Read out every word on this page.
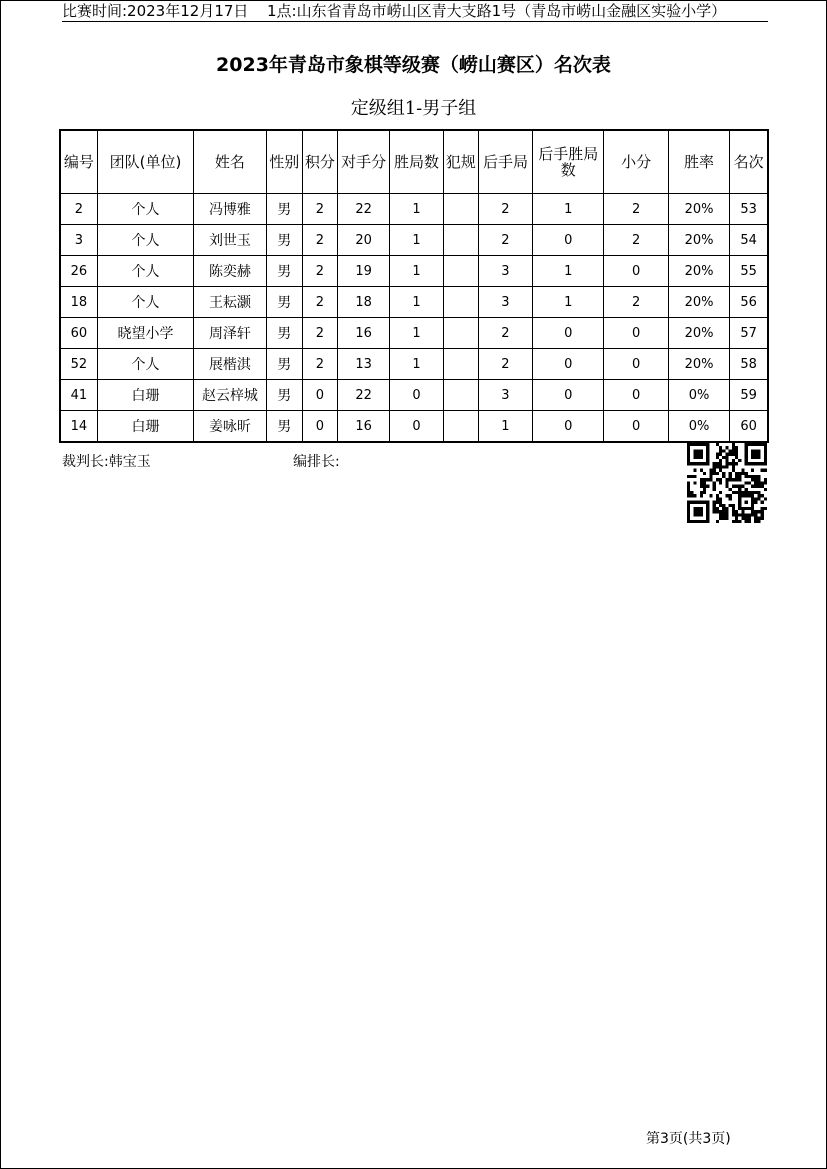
比赛时间:2023年12月17日 1点:山东省青岛市崂山区青大支路1号（青岛市崂山金融区实验小学）
2023年青岛市象棋等级赛（崂山赛区）名次表
定级组1-男子组
编号	团队(单位)	姓名	性别	积分	对手分	胜局数	犯规	后手局	后手胜局数	小分	胜率	名次
2	个人	冯博雅	男	2	22	1		2	1	2	20%	53
3	个人	刘世玉	男	2	20	1		2	0	2	20%	54
26	个人	陈奕赫	男	2	19	1		3	1	0	20%	55
18	个人	王耘灏	男	2	18	1		3	1	2	20%	56
60	晓望小学	周泽轩	男	2	16	1		2	0	0	20%	57
52	个人	展楷淇	男	2	13	1		2	0	0	20%	58
41	白珊	赵云梓城	男	0	22	0		3	0	0	0%	59
14	白珊	姜咏昕	男	0	16	0		1	0	0	0%	60
裁判长:韩宝玉	编排长:
第3页(共3页)
